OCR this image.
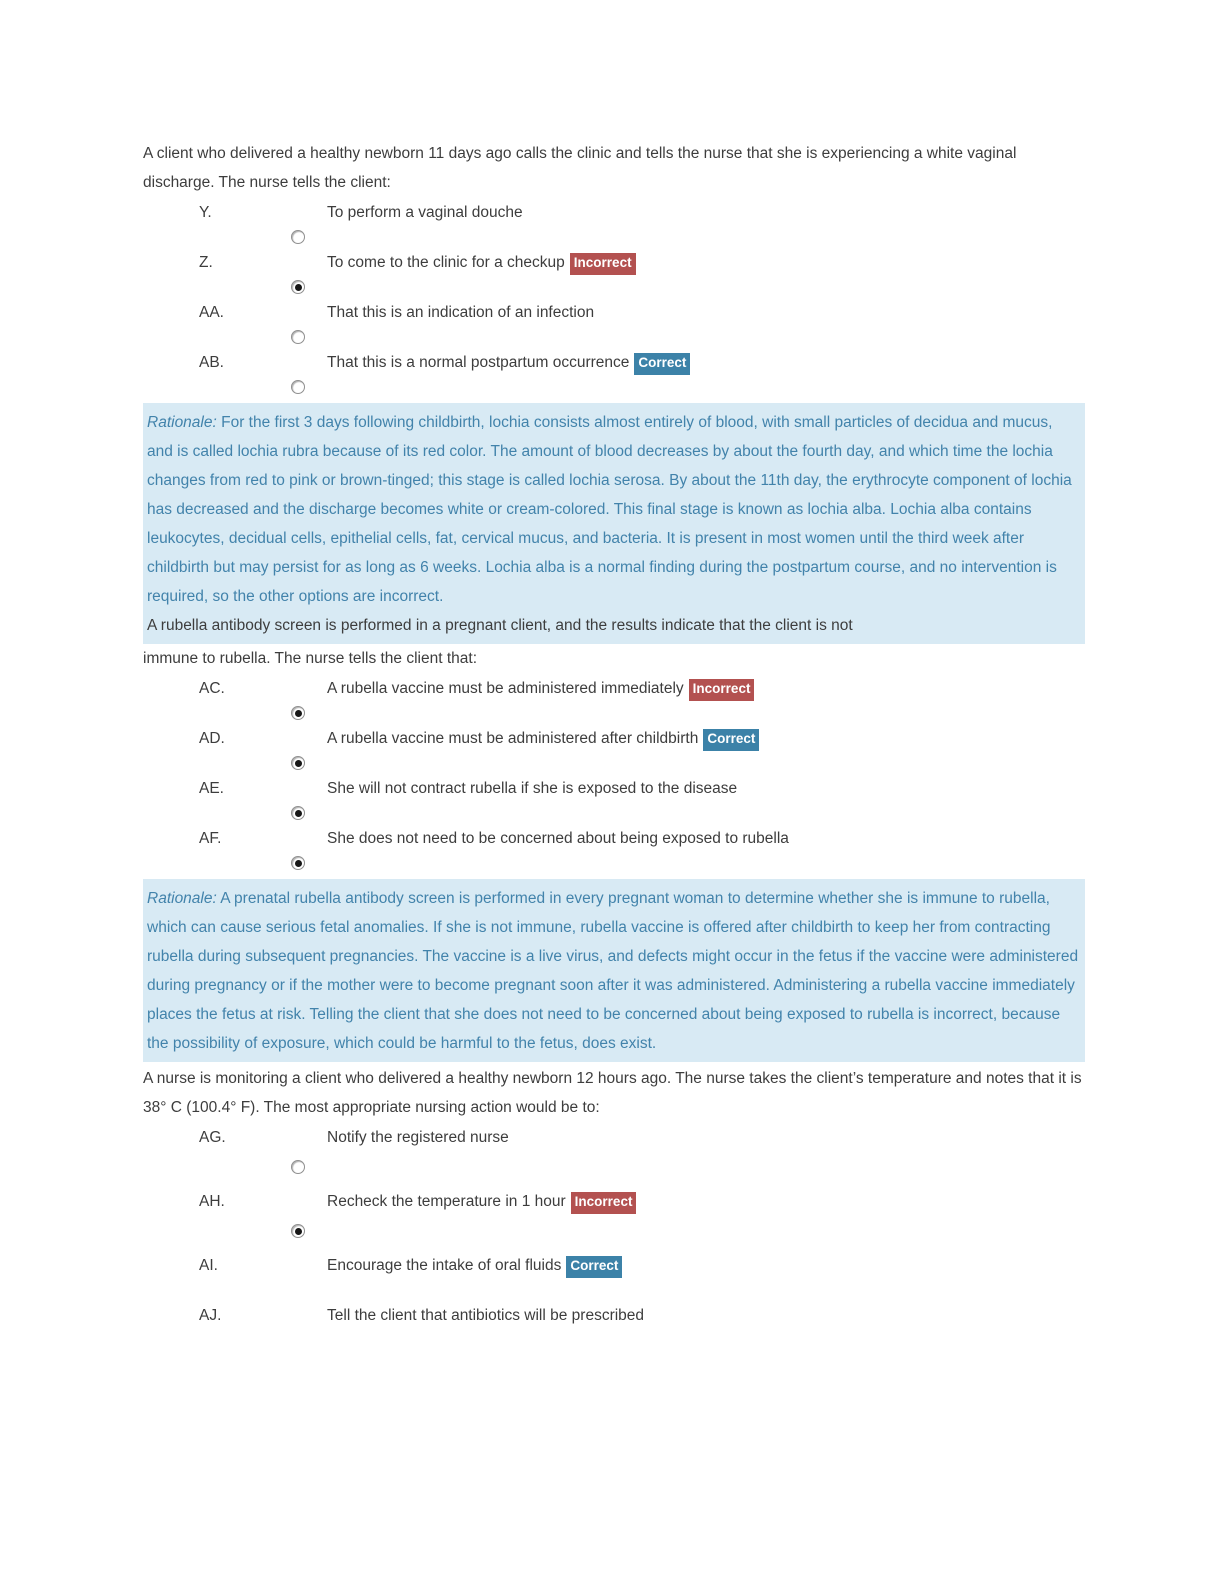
A client who delivered a healthy newborn 11 days ago calls the clinic and tells the nurse that she is experiencing a white vaginal discharge. The nurse tells the client:

Y.	To perform a vaginal douche
Z.	To come to the clinic for a checkup Incorrect
AA.	That this is an indication of an infection
AB.	That this is a normal postpartum occurrence Correct

Rationale: For the first 3 days following childbirth, lochia consists almost entirely of blood, with small particles of decidua and mucus, and is called lochia rubra because of its red color. The amount of blood decreases by about the fourth day, and which time the lochia changes from red to pink or brown-tinged; this stage is called lochia serosa. By about the 11th day, the erythrocyte component of lochia has decreased and the discharge becomes white or cream-colored. This final stage is known as lochia alba. Lochia alba contains leukocytes, decidual cells, epithelial cells, fat, cervical mucus, and bacteria. It is present in most women until the third week after childbirth but may persist for as long as 6 weeks. Lochia alba is a normal finding during the postpartum course, and no intervention is required, so the other options are incorrect.

A rubella antibody screen is performed in a pregnant client, and the results indicate that the client is not

immune to rubella. The nurse tells the client that:

AC.	A rubella vaccine must be administered immediately Incorrect
AD.	A rubella vaccine must be administered after childbirth Correct
AE.	She will not contract rubella if she is exposed to the disease
AF.	She does not need to be concerned about being exposed to rubella

Rationale: A prenatal rubella antibody screen is performed in every pregnant woman to determine whether she is immune to rubella, which can cause serious fetal anomalies. If she is not immune, rubella vaccine is offered after childbirth to keep her from contracting rubella during subsequent pregnancies. The vaccine is a live virus, and defects might occur in the fetus if the vaccine were administered during pregnancy or if the mother were to become pregnant soon after it was administered. Administering a rubella vaccine immediately places the fetus at risk. Telling the client that she does not need to be concerned about being exposed to rubella is incorrect, because the possibility of exposure, which could be harmful to the fetus, does exist.

A nurse is monitoring a client who delivered a healthy newborn 12 hours ago. The nurse takes the client’s temperature and notes that it is 38° C (100.4° F). The most appropriate nursing action would be to:

AG.	Notify the registered nurse
AH.	Recheck the temperature in 1 hour Incorrect
AI.	Encourage the intake of oral fluids Correct
AJ.	Tell the client that antibiotics will be prescribed
